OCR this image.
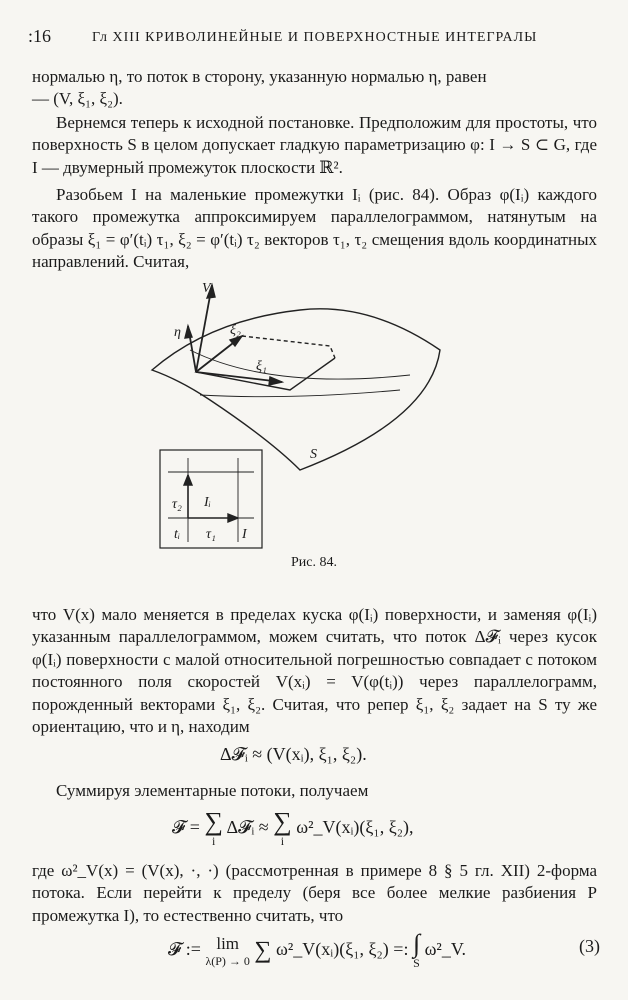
:16	Гл XIII КРИВОЛИНЕЙНЫЕ И ПОВЕРХНОСТНЫЕ ИНТЕГРАЛЫ

нормалью η, то поток в сторону, указанную нормалью η, равен

— (V, ξ₁, ξ₂).

Вернемся теперь к исходной постановке. Предположим для простоты, что поверхность S в целом допускает гладкую параметризацию φ: I → S ⊂ G, где I — двумерный промежуток плоскости ℝ².

Разобьем I на маленькие промежутки Iᵢ (рис. 84). Образ φ(Iᵢ) каждого такого промежутка аппроксимируем параллелограммом, натянутым на образы ξ₁ = φ′(tᵢ) τ₁, ξ₂ = φ′(tᵢ) τ₂ векторов τ₁, τ₂ смещения вдоль координатных направлений. Считая,

V
η	ξ₂
ξ₁
S
τ₂ Iᵢ
tᵢ τ₁ I
Рис. 84.

что V(x) мало меняется в пределах куска φ(Iᵢ) поверхности, и заменяя φ(Iᵢ) указанным параллелограммом, можем считать, что поток Δ𝓕ᵢ через кусок φ(Iᵢ) поверхности с малой относительной погрешностью совпадает с потоком постоянного поля скоростей V(xᵢ) = V(φ(tᵢ)) через параллелограмм, порожденный векторами ξ₁, ξ₂. Считая, что репер ξ₁, ξ₂ задает на S ту же ориентацию, что и η, находим

Δ𝓕ᵢ ≈ (V(xᵢ), ξ₁, ξ₂).

Суммируя элементарные потоки, получаем

𝓕 = ∑
i
Δ𝓕ᵢ ≈ ∑
i
ω²_V(xᵢ)(ξ₁, ξ₂),

где ω²_V(x) = (V(x), ·, ·) (рассмотренная в примере 8 § 5 гл. XII) 2-форма потока. Если перейти к пределу (беря все более мелкие разбиения P промежутка I), то естественно считать, что

𝓕 := lim
λ(P) → 0 ∑ ω²_V(xᵢ)(ξ₁, ξ₂) =: ∫
S
ω²_V.	(3)
